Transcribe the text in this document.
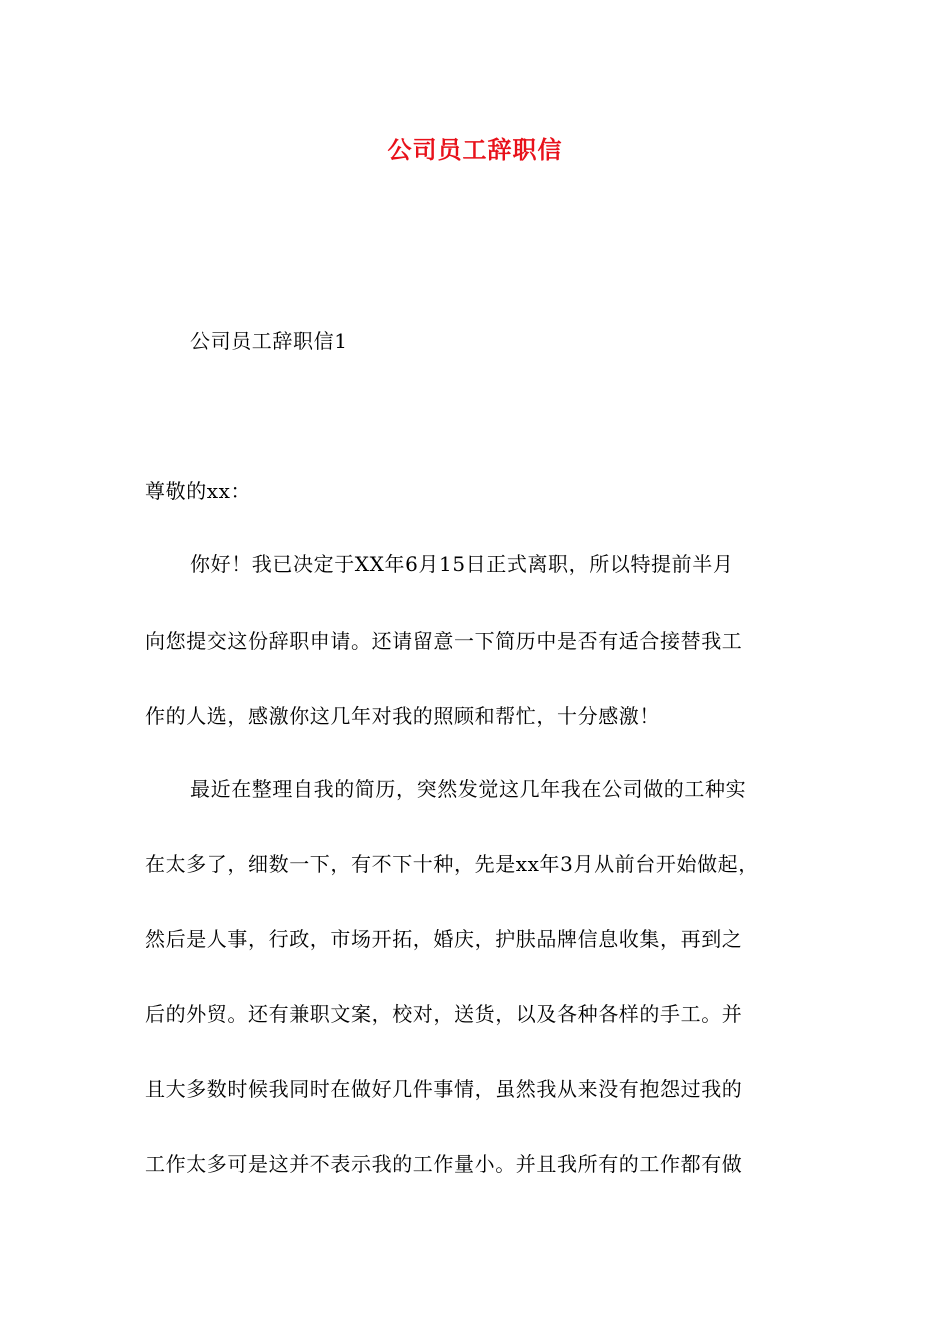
公司员工辞职信
公司员工辞职信1
尊敬的xx：
你好！我已决定于XX年6月15日正式离职，所以特提前半月
向您提交这份辞职申请。还请留意一下简历中是否有适合接替我工
作的人选，感激你这几年对我的照顾和帮忙，十分感激！
最近在整理自我的简历，突然发觉这几年我在公司做的工种实
在太多了，细数一下，有不下十种，先是xx年3月从前台开始做起，
然后是人事，行政，市场开拓，婚庆，护肤品牌信息收集，再到之
后的外贸。还有兼职文案，校对，送货，以及各种各样的手工。并
且大多数时候我同时在做好几件事情，虽然我从来没有抱怨过我的
工作太多可是这并不表示我的工作量小。并且我所有的工作都有做
